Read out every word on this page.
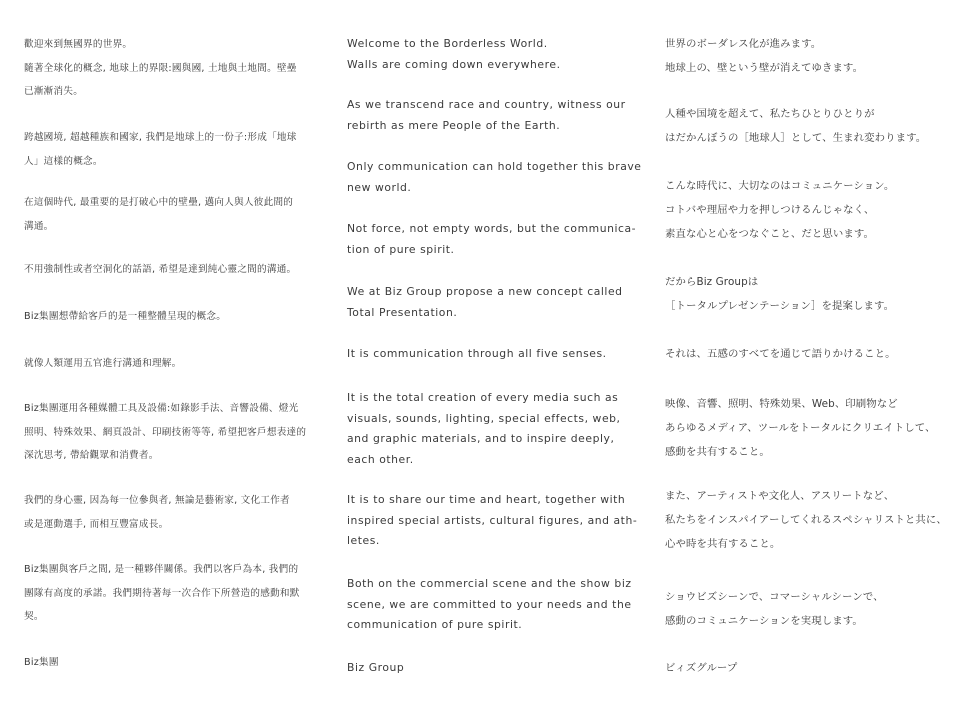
歡迎來到無國界的世界。
隨著全球化的概念, 地球上的界限:國與國, 土地與土地間。壁壘
已漸漸消失。
跨越國境, 超越種族和國家, 我們是地球上的一份子:形成「地球
人」這樣的概念。
在這個時代, 最重要的是打破心中的壁壘, 邁向人與人彼此間的
溝通。
不用強制性或者空洞化的話語, 希望是達到純心靈之間的溝通。
Biz集團想帶給客戶的是一種整體呈現的概念。
就像人類運用五官進行溝通和理解。
Biz集團運用各種媒體工具及設備:如錄影手法、音響設備、燈光
照明、特殊效果、網頁設計、印刷技術等等, 希望把客戶想表達的
深沈思考, 帶給觀眾和消費者。
我們的身心靈, 因為每一位參與者, 無論是藝術家, 文化工作者
或是運動選手, 而相互豐富成長。
Biz集團與客戶之間, 是一種夥伴關係。我們以客戶為本, 我們的
團隊有高度的承諾。我們期待著每一次合作下所營造的感動和默
契。
Biz集團
Welcome to the Borderless World.
Walls are coming down everywhere.
As we transcend race and country, witness our
rebirth as mere People of the Earth.
Only communication can hold together this brave
new world.
Not force, not empty words, but the communica-
tion of pure spirit.
We at Biz Group propose a new concept called
Total Presentation.
It is communication through all five senses.
It is the total creation of every media such as
visuals, sounds, lighting, special effects, web,
and graphic materials, and to inspire deeply,
each other.
It is to share our time and heart, together with
inspired special artists, cultural figures, and ath-
letes.
Both on the commercial scene and the show biz
scene, we are committed to your needs and the
communication of pure spirit.
Biz Group
世界のボーダレス化が進みます。
地球上の、壁という壁が消えてゆきます。
人種や国境を超えて、私たちひとりひとりが
はだかんぼうの［地球人］として、生まれ変わります。
こんな時代に、大切なのはコミュニケーション。
コトバや理屈や力を押しつけるんじゃなく、
素直な心と心をつなぐこと、だと思います。
だからBiz Groupは
［トータルプレゼンテーション］を提案します。
それは、五感のすべてを通じて語りかけること。
映像、音響、照明、特殊効果、Web、印刷物など
あらゆるメディア、ツールをトータルにクリエイトして、
感動を共有すること。
また、アーティストや文化人、アスリートなど、
私たちをインスパイアーしてくれるスペシャリストと共に、
心や時を共有すること。
ショウビズシーンで、コマーシャルシーンで、
感動のコミュニケーションを実現します。
ビィズグループ
